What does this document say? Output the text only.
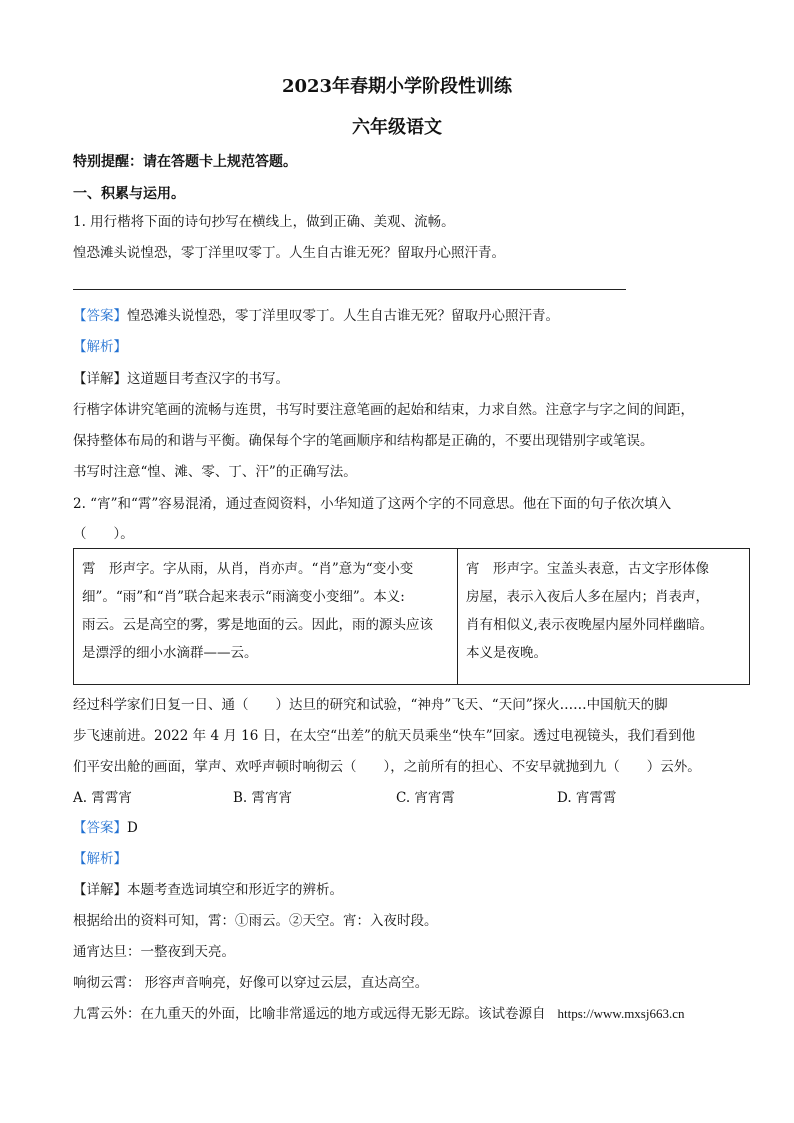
2023年春期小学阶段性训练
六年级语文
特别提醒：请在答题卡上规范答题。
一、积累与运用。
1. 用行楷将下面的诗句抄写在横线上，做到正确、美观、流畅。
惶恐滩头说惶恐，零丁洋里叹零丁。人生自古谁无死？留取丹心照汗青。
【答案】惶恐滩头说惶恐，零丁洋里叹零丁。人生自古谁无死？留取丹心照汗青。
【解析】
【详解】这道题目考查汉字的书写。
行楷字体讲究笔画的流畅与连贯，书写时要注意笔画的起始和结束，力求自然。注意字与字之间的间距，
保持整体布局的和谐与平衡。确保每个字的笔画顺序和结构都是正确的，不要出现错别字或笔误。
书写时注意“惶、滩、零、丁、汗”的正确写法。
2. “宵”和“霄”容易混淆，通过查阅资料，小华知道了这两个字的不同意思。他在下面的句子依次填入
（　　）。
霄　形声字。字从雨，从肖，肖亦声。“肖”意为“变小变
细”。“雨”和“肖”联合起来表示“雨滴变小变细”。本义:
雨云。云是高空的雾，雾是地面的云。因此，雨的源头应该
是漂浮的细小水滴群——云。

宵　形声字。宝盖头表意，古文字形体像
房屋，表示入夜后人多在屋内；肖表声，
肖有相似义,表示夜晚屋内屋外同样幽暗。
本义是夜晚。
经过科学家们日复一日、通（　　）达旦的研究和试验，“神舟”飞天、“天问”探火……中国航天的脚
步飞速前进。2022 年 4 月 16 日，在太空“出差”的航天员乘坐“快车”回家。透过电视镜头，我们看到他
们平安出舱的画面，掌声、欢呼声顿时响彻云（　　），之前所有的担心、不安早就抛到九（　　）云外。
A. 霄霄宵	B. 霄宵宵	C. 宵宵霄	D. 宵霄霄
【答案】D
【解析】
【详解】本题考查选词填空和形近字的辨析。
根据给出的资料可知，霄：①雨云。②天空。宵：入夜时段。
通宵达旦：一整夜到天亮。
响彻云霄： 形容声音响亮，好像可以穿过云层，直达高空。
九霄云外：在九重天的外面，比喻非常遥远的地方或远得无影无踪。该试卷源自 https://www.mxsj663.cn
